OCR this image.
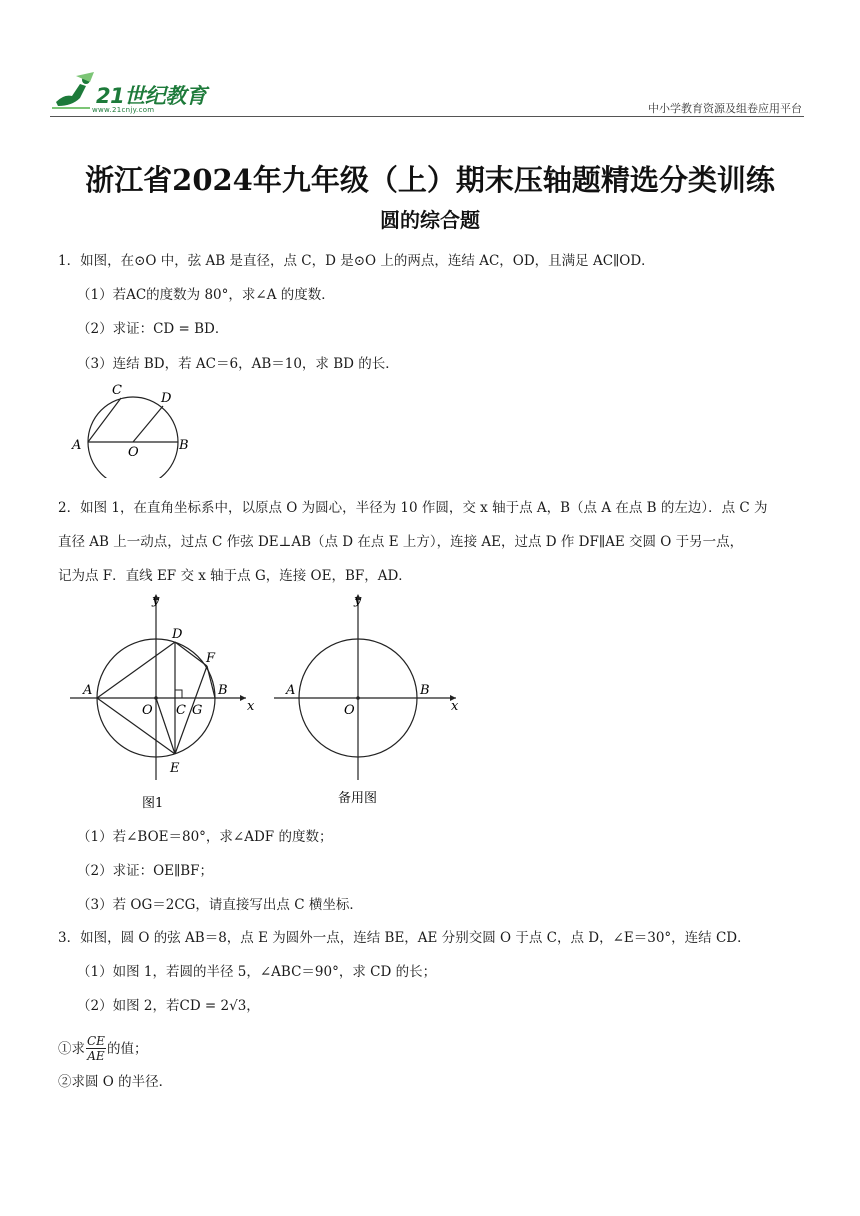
21世纪教育
www.21cnjy.com	中小学教育资源及组卷应用平台
浙江省2024年九年级（上）期末压轴题精选分类训练
圆的综合题
1．如图，在⊙O 中，弦 AB 是直径，点 C，D 是⊙O 上的两点，连结 AC，OD，且满足 AC∥OD．
（1）若AC的度数为 80°，求∠A 的度数．
（2）求证：CD = BD．
（3）连结 BD，若 AC＝6，AB＝10，求 BD 的长．
A	B
C
D
O
2．如图 1，在直角坐标系中，以原点 O 为圆心，半径为 10 作圆，交 x 轴于点 A，B（点 A 在点 B 的左边）．点 C 为
直径 AB 上一动点，过点 C 作弦 DE⊥AB（点 D 在点 E 上方），连接 AE，过点 D 作 DF∥AE 交圆 O 于另一点，
记为点 F．直线 EF 交 x 轴于点 G，连接 OE，BF，AD．
y
x
A	B
O C G
D
F
E
图1
y
x
A	B
O
备用图
（1）若∠BOE＝80°，求∠ADF 的度数；
（2）求证：OE∥BF；
（3）若 OG＝2CG，请直接写出点 C 横坐标．
3．如图，圆 O 的弦 AB＝8，点 E 为圆外一点，连结 BE，AE 分别交圆 O 于点 C，点 D，∠E＝30°，连结 CD．
（1）如图 1，若圆的半径 5，∠ABC＝90°，求 CD 的长；
（2）如图 2，若CD = 2√3，
①求 $\frac{CE}{AE}$ 的值；
②求圆 O 的半径．
